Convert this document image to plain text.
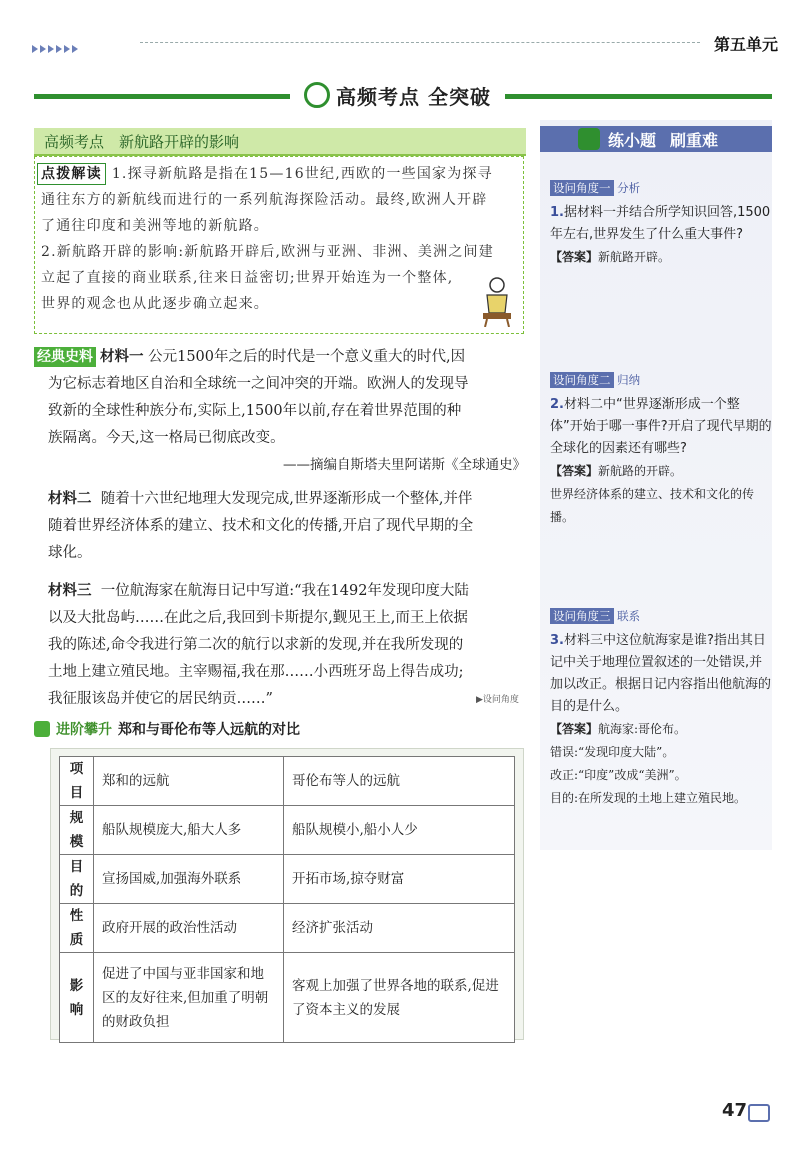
第五单元
高频考点 全突破
高频考点　新航路开辟的影响

点拨解读 1.探寻新航路是指在15—16世纪,西欧的一些国家为探寻

通往东方的新航线而进行的一系列航海探险活动。最终,欧洲人开辟

了通往印度和美洲等地的新航路。

2.新航路开辟的影响:新航路开辟后,欧洲与亚洲、非洲、美洲之间建

立起了直接的商业联系,往来日益密切;世界开始连为一个整体,

世界的观念也从此逐步确立起来。

经典史料 材料一 公元1500年之后的时代是一个意义重大的时代,因

为它标志着地区自治和全球统一之间冲突的开端。欧洲人的发现导

致新的全球性种族分布,实际上,1500年以前,存在着世界范围的种

族隔离。今天,这一格局已彻底改变。

——摘编自斯塔夫里阿诺斯《全球通史》

材料二 随着十六世纪地理大发现完成,世界逐渐形成一个整体,并伴

随着世界经济体系的建立、技术和文化的传播,开启了现代早期的全

球化。

材料三 一位航海家在航海日记中写道:“我在1492年发现印度大陆

以及大批岛屿……在此之后,我回到卡斯提尔,觐见王上,而王上依据

我的陈述,命令我进行第二次的航行以求新的发现,并在我所发现的

土地上建立殖民地。主宰赐福,我在那……小西班牙岛上得告成功;

我征服该岛并使它的居民纳贡……”	▶设问角度
进阶攀升 郑和与哥伦布等人远航的对比
项目	郑和的远航	哥伦布等人的远航
规模	船队规模庞大,船大人多	船队规模小,船小人少
目的	宣扬国威,加强海外联系	开拓市场,掠夺财富
性质	政府开展的政治性活动	经济扩张活动
影响	促进了中国与亚非国家和地区的友好往来,但加重了明朝的财政负担	客观上加强了世界各地的联系,促进了资本主义的发展
练小题 刷重难
设问角度一 分析
1.据材料一并结合所学知识回答,1500年左右,世界发生了什么重大事件?
【答案】新航路开辟。
设问角度二 归纳
2.材料二中“世界逐渐形成一个整体”开始于哪一事件?开启了现代早期的全球化的因素还有哪些?
【答案】新航路的开辟。
世界经济体系的建立、技术和文化的传播。
设问角度三 联系
3.材料三中这位航海家是谁?指出其日记中关于地理位置叙述的一处错误,并加以改正。根据日记内容指出他航海的目的是什么。
【答案】航海家:哥伦布。
错误:“发现印度大陆”。
改正:“印度”改成“美洲”。
目的:在所发现的土地上建立殖民地。
47
